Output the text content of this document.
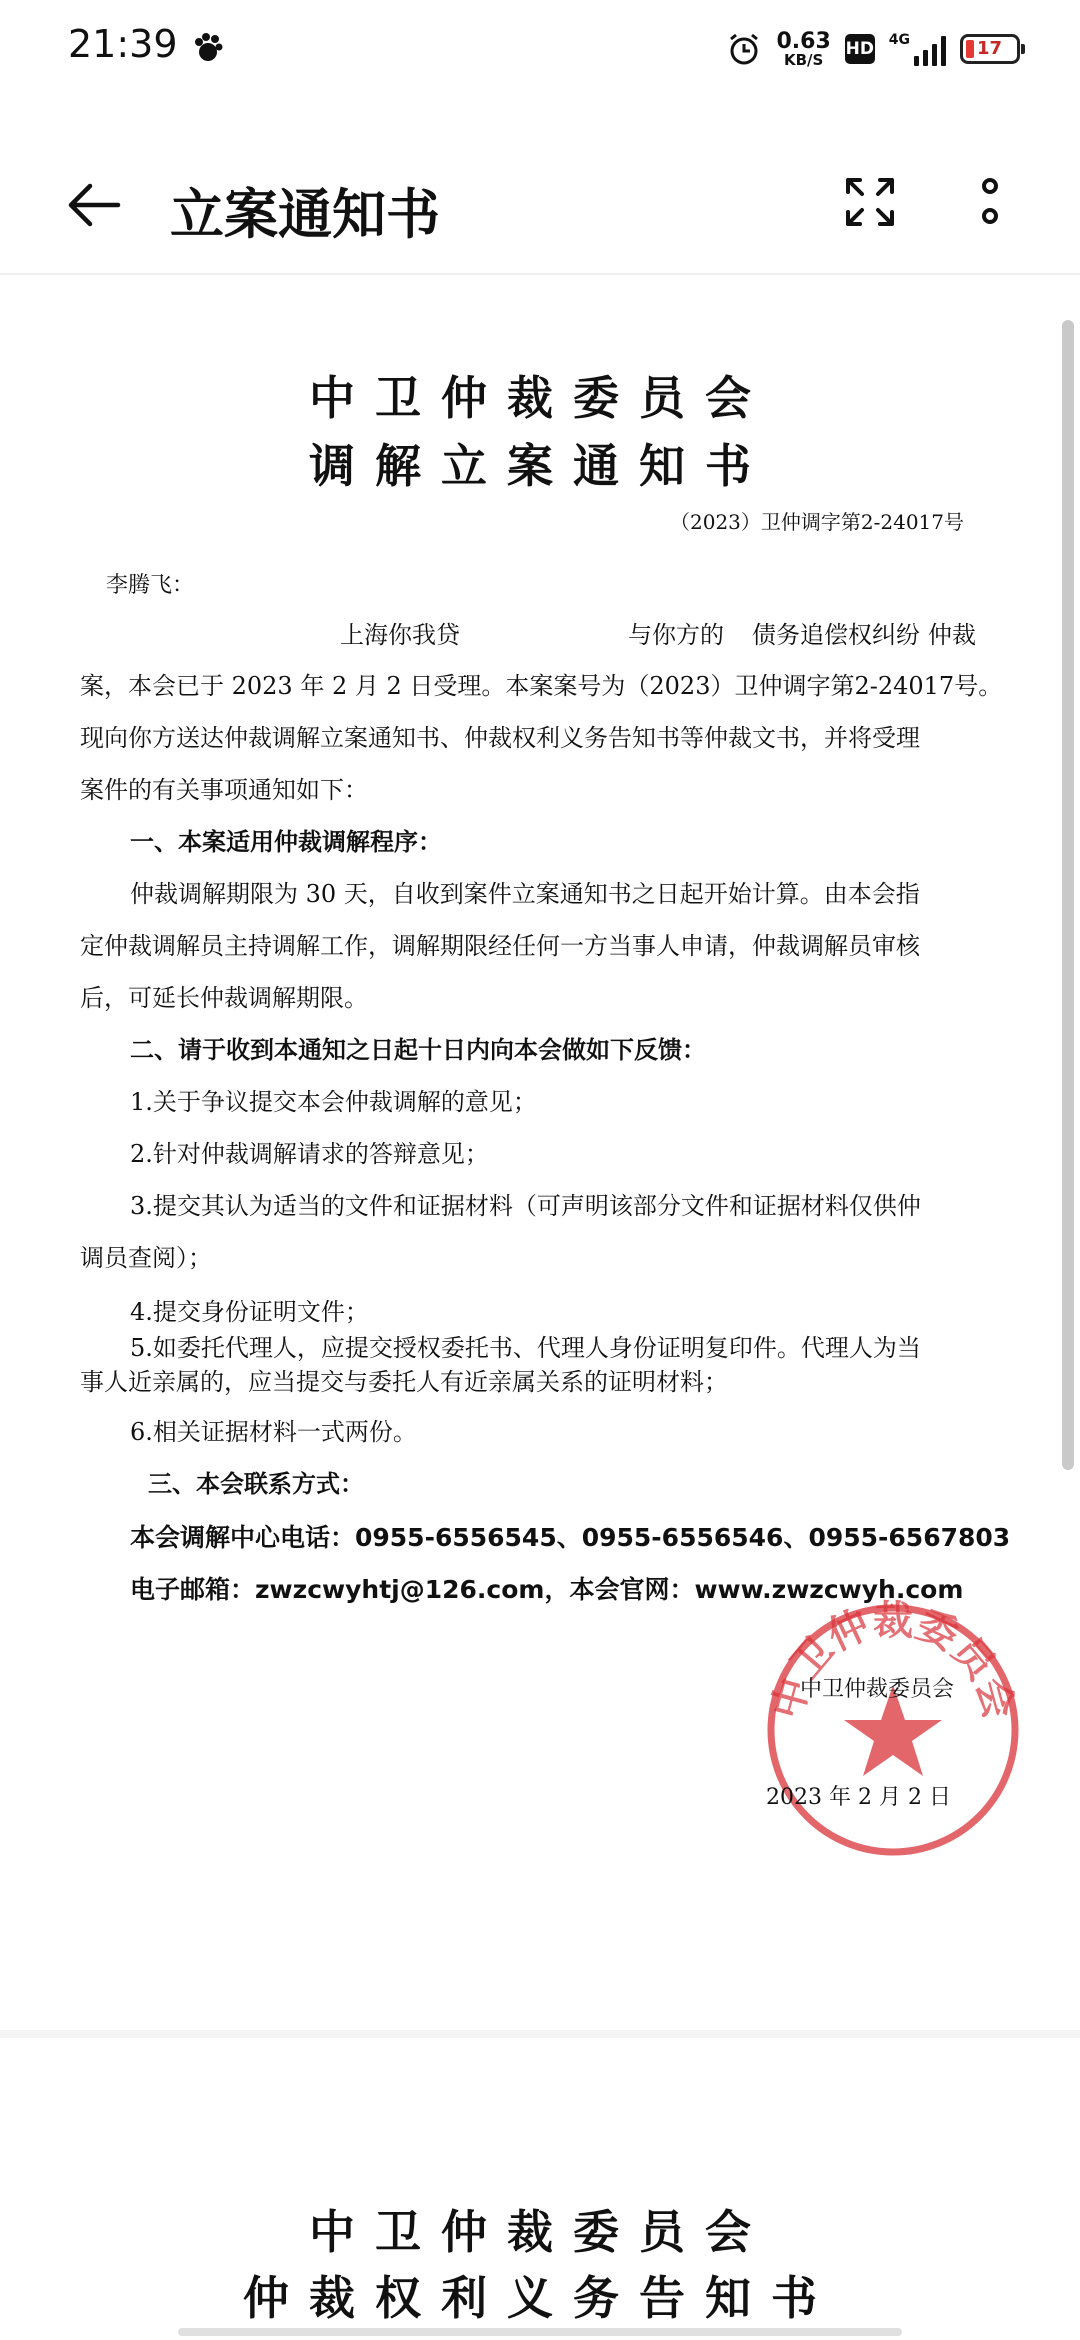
21:39	0.63
KB/S
HD 4G	17
立案通知书
中卫仲裁委员会
调解立案通知书
（2023）卫仲调字第2-24017号
李腾飞：
上海你我贷	与你方的 债务追偿权纠纷 仲裁
案，本会已于 2023 年 2 月 2 日受理。本案案号为（2023）卫仲调字第2-24017号。
现向你方送达仲裁调解立案通知书、仲裁权利义务告知书等仲裁文书，并将受理
案件的有关事项通知如下：
一、本案适用仲裁调解程序：
仲裁调解期限为 30 天，自收到案件立案通知书之日起开始计算。由本会指
定仲裁调解员主持调解工作，调解期限经任何一方当事人申请，仲裁调解员审核
后，可延长仲裁调解期限。
二、请于收到本通知之日起十日内向本会做如下反馈：
1.关于争议提交本会仲裁调解的意见；
2.针对仲裁调解请求的答辩意见；
3.提交其认为适当的文件和证据材料（可声明该部分文件和证据材料仅供仲
调员查阅）；
4.提交身份证明文件；
5.如委托代理人，应提交授权委托书、代理人身份证明复印件。代理人为当
事人近亲属的，应当提交与委托人有近亲属关系的证明材料；
6.相关证据材料一式两份。
三、本会联系方式：
本会调解中心电话：0955-6556545、0955-6556546、0955-6567803
电子邮箱：zwzcwyhtj@126.com，本会官网：www.zwzcwyh.com
中卫仲裁委员会
中卫仲裁委员会
2023 年 2 月 2 日
中卫仲裁委员会
仲裁权利义务告知书
